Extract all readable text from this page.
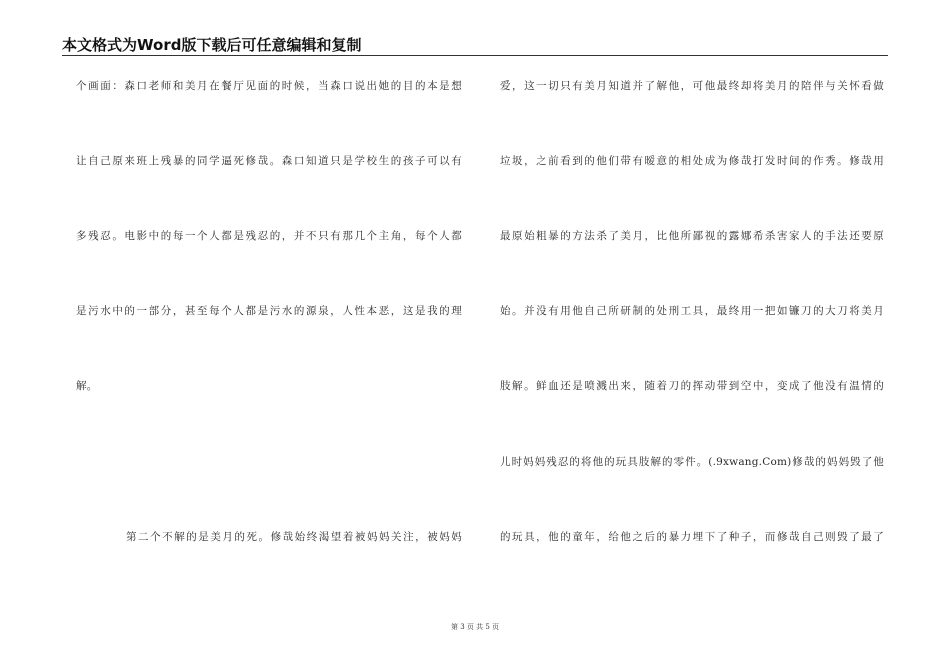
本文格式为Word版下载后可任意编辑和复制
个画面：森口老师和美月在餐厅见面的时候，当森口说出她的目的本是想
让自己原来班上残暴的同学逼死修哉。森口知道只是学校生的孩子可以有
多残忍。电影中的每一个人都是残忍的，并不只有那几个主角，每个人都
是污水中的一部分，甚至每个人都是污水的源泉，人性本恶，这是我的理
解。
第二个不解的是美月的死。修哉始终渴望着被妈妈关注，被妈妈
爱，这一切只有美月知道并了解他，可他最终却将美月的陪伴与关怀看做
垃圾，之前看到的他们带有暧意的相处成为修哉打发时间的作秀。修哉用
最原始粗暴的方法杀了美月，比他所鄙视的露娜希杀害家人的手法还要原
始。并没有用他自己所研制的处刑工具，最终用一把如镰刀的大刀将美月
肢解。鲜血还是喷溅出来，随着刀的挥动带到空中，变成了他没有温情的
儿时妈妈残忍的将他的玩具肢解的零件。(.9xwang.Com)修哉的妈妈毁了他
的玩具，他的童年，给他之后的暴力埋下了种子，而修哉自己则毁了最了
第 3 页 共 5 页
